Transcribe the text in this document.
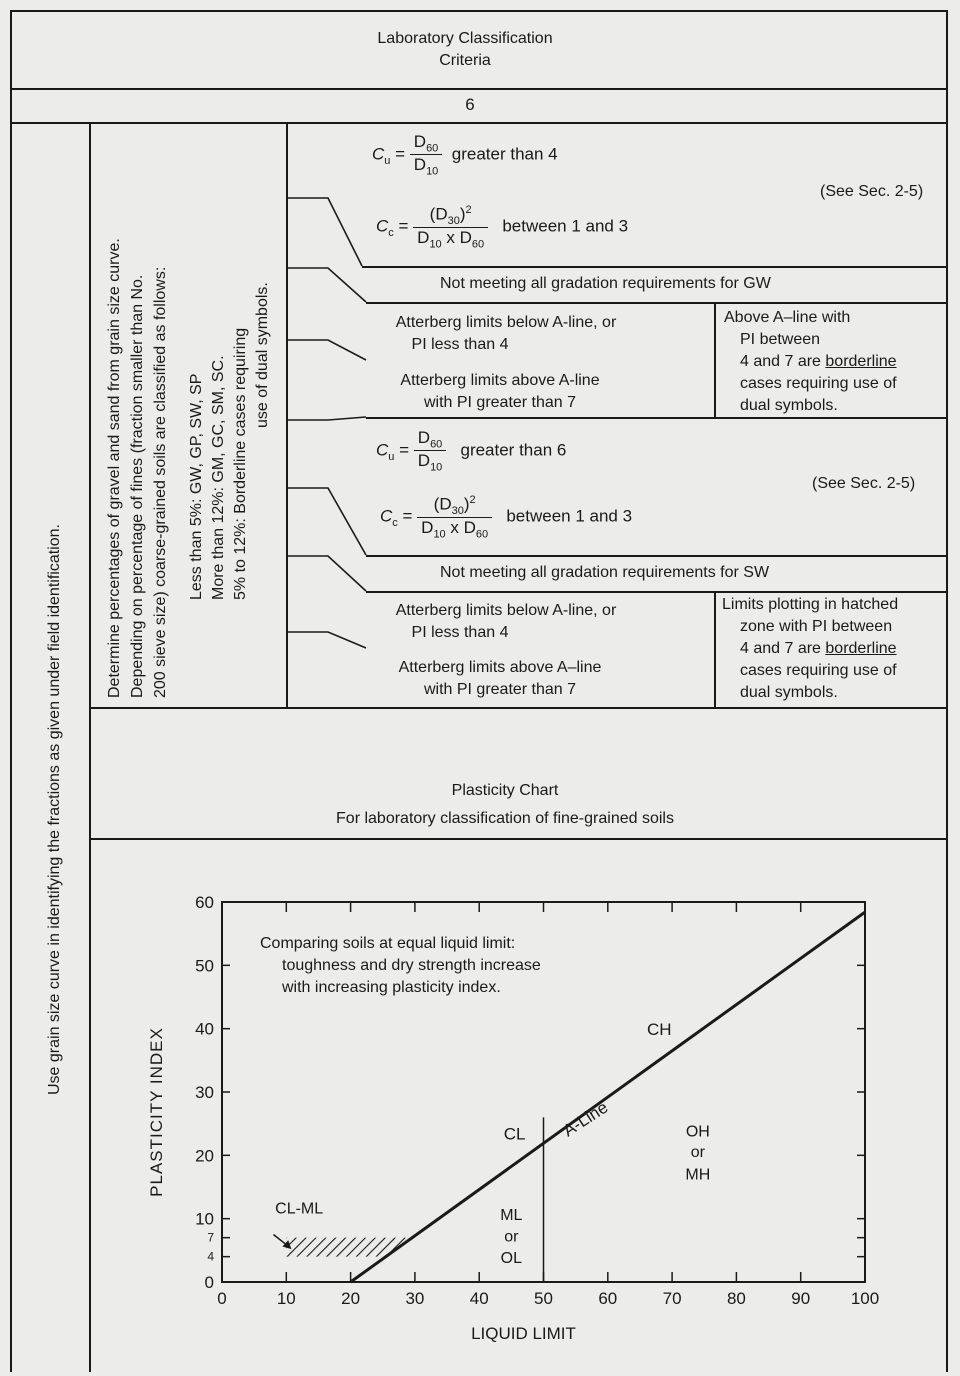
Laboratory Classification
Criteria
6
Use grain size curve in identifying the fractions as given under field identification.
Determine percentages of gravel and sand from grain size curve. Depending on percentage of fines (fraction smaller than No. 200 sieve size) coarse-grained soils are classified as follows: Less than 5%: GW, GP, SW, SP More than 12%: GM, GC, SM, SC. 5% to 12%: Borderline cases requiring use of dual symbols.
$C_u = \frac{D_{60}}{D_{10}}$ greater than 4
(See Sec. 2-5)
$C_c = \frac{(D_{30})^2}{D_{10} x D_{60}}$ between 1 and 3
Not meeting all gradation requirements for GW
Atterberg limits below A-line, or
PI less than 4
Atterberg limits above A-line
with PI greater than 7
Above A–line with
PI between
4 and 7 are borderline
cases requiring use of
dual symbols.
$C_u = \frac{D_{60}}{D_{10}}$ greater than 6
(See Sec. 2-5)
$C_c = \frac{(D_{30})^2}{D_{10} x D_{60}}$ between 1 and 3
Not meeting all gradation requirements for SW
Atterberg limits below A-line, or
PI less than 4
Atterberg limits above A–line
with PI greater than 7
Limits plotting in hatched
zone with PI between
4 and 7 are borderline
cases requiring use of
dual symbols.
Plasticity Chart
For laboratory classification of fine-grained soils
0	10	20	30	40	50	60	70	80	90 100
0
4
7
10
20
30
40
50
60
LIQUID LIMIT
PLASTICITY INDEX
Comparing soils at equal liquid limit:
toughness and dry strength increase
with increasing plasticity index.
CH
CL A-Line	OH
or
MH
ML
or
OL
CL-ML
